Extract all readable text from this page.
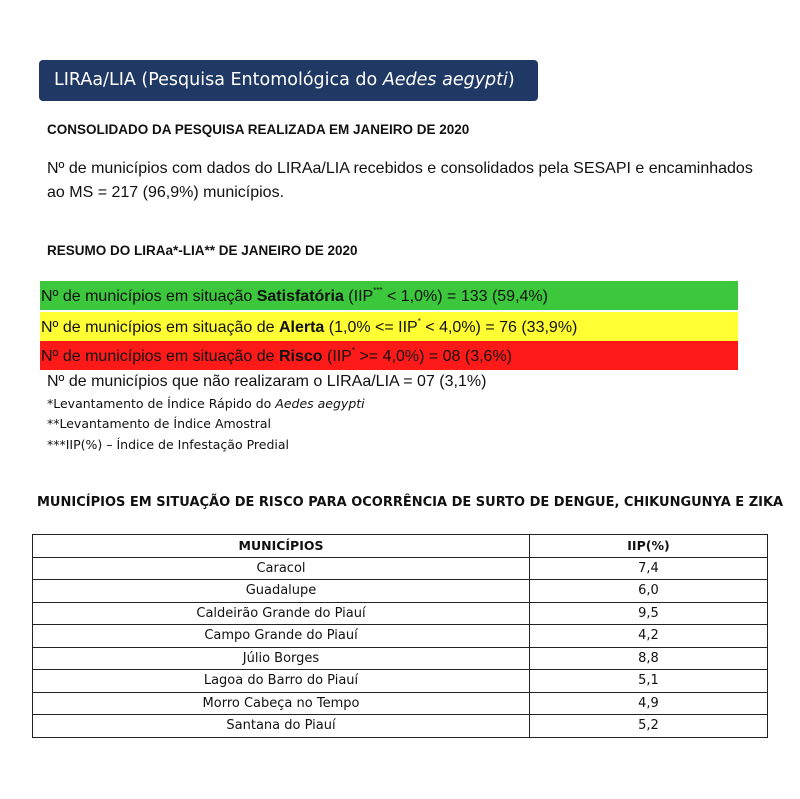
LIRAa/LIA (Pesquisa Entomológica do Aedes aegypti)
CONSOLIDADO DA PESQUISA REALIZADA EM JANEIRO DE 2020
Nº de municípios com dados do LIRAa/LIA recebidos e consolidados pela SESAPI e encaminhados ao MS = 217 (96,9%) municípios.
RESUMO DO LIRAa*-LIA** DE JANEIRO DE 2020
Nº de municípios em situação Satisfatória (IIP*** < 1,0%) = 133 (59,4%)
Nº de municípios em situação de Alerta (1,0% <= IIP* < 4,0%) = 76 (33,9%)
Nº de municípios em situação de Risco (IIP* >= 4,0%) = 08 (3,6%)
Nº de municípios que não realizaram o LIRAa/LIA = 07 (3,1%)
*Levantamento de Índice Rápido do Aedes aegypti
**Levantamento de Índice Amostral
***IIP(%) – Índice de Infestação Predial
MUNICÍPIOS EM SITUAÇÃO DE RISCO PARA OCORRÊNCIA DE SURTO DE DENGUE, CHIKUNGUNYA E ZIKA
MUNICÍPIOS	IIP(%)
Caracol	7,4
Guadalupe	6,0
Caldeirão Grande do Piauí	9,5
Campo Grande do Piauí	4,2
Júlio Borges	8,8
Lagoa do Barro do Piauí	5,1
Morro Cabeça no Tempo	4,9
Santana do Piauí	5,2
